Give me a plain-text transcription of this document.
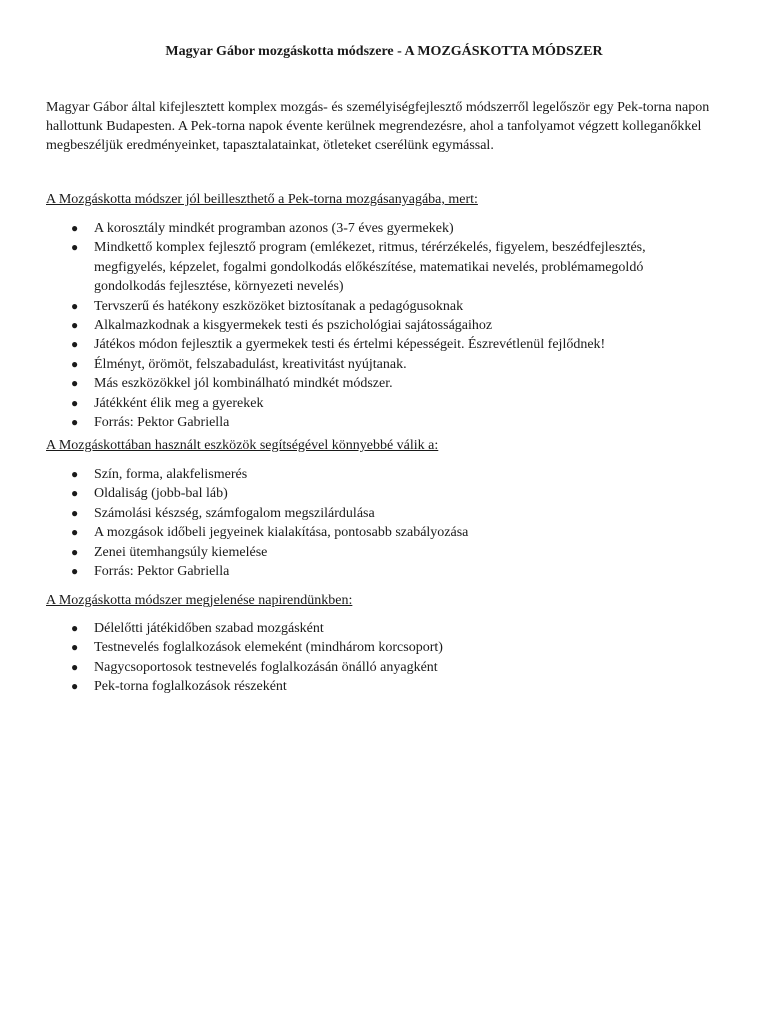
Magyar Gábor mozgáskotta módszere - A MOZGÁSKOTTA MÓDSZER

Magyar Gábor által kifejlesztett komplex mozgás- és személyiségfejlesztő módszerről legelőször egy Pek-torna napon hallottunk Budapesten. A Pek-torna napok évente kerülnek megrendezésre, ahol a tanfolyamot végzett kolleganőkkel megbeszéljük eredményeinket, tapasztalatainkat, ötleteket cserélünk egymással.

A Mozgáskotta módszer jól beilleszthető a Pek-torna mozgásanyagába, mert:

● A korosztály mindkét programban azonos (3-7 éves gyermekek)
● Mindkettő komplex fejlesztő program (emlékezet, ritmus, térérzékelés, figyelem, beszédfejlesztés, megfigyelés, képzelet, fogalmi gondolkodás előkészítése, matematikai nevelés, problémamegoldó gondolkodás fejlesztése, környezeti nevelés)
● Tervszerű és hatékony eszközöket biztosítanak a pedagógusoknak
● Alkalmazkodnak a kisgyermekek testi és pszichológiai sajátosságaihoz
● Játékos módon fejlesztik a gyermekek testi és értelmi képességeit. Észrevétlenül fejlődnek!
● Élményt, örömöt, felszabadulást, kreativitást nyújtanak.
● Más eszközökkel jól kombinálható mindkét módszer.
● Játékként élik meg a gyerekek
● Forrás: Pektor Gabriella

A Mozgáskottában használt eszközök segítségével könnyebbé válik a:

● Szín, forma, alakfelismerés
● Oldaliság (jobb-bal láb)
● Számolási készség, számfogalom megszilárdulása
● A mozgások időbeli jegyeinek kialakítása, pontosabb szabályozása
● Zenei ütemhangsúly kiemelése
● Forrás: Pektor Gabriella

A Mozgáskotta módszer megjelenése napirendünkben:

● Délelőtti játékidőben szabad mozgásként
● Testnevelés foglalkozások elemeként (mindhárom korcsoport)
● Nagycsoportosok testnevelés foglalkozásán önálló anyagként
● Pek-torna foglalkozások részeként
